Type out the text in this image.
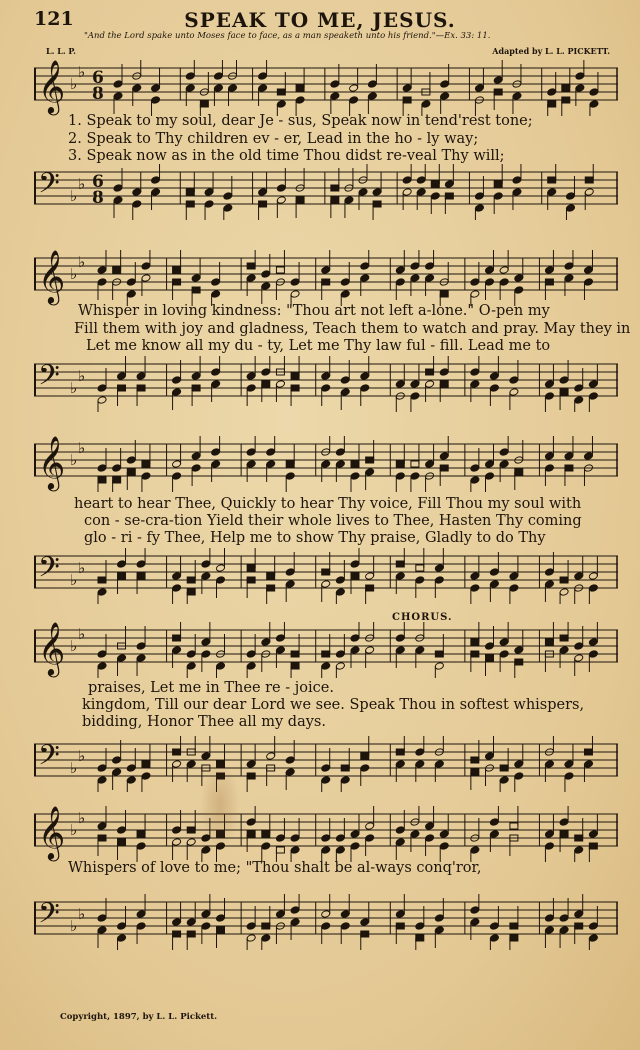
121	SPEAK TO ME, JESUS.
"And the Lord spake unto Moses face to face, as a man speaketh unto his friend."—Ex. 33: 11.
L. L. P.	Adapted by L. L. PICKETT.
𝄞 ♭
♭ 6
8
1. Speak to my soul, dear Je - sus, Speak now in tend'rest tone;
2. Speak to Thy children ev - er, Lead in the ho - ly way;
3. Speak now as in the old time Thou didst re-veal Thy will;
𝄢 ♭
♭ 6
8
𝄞 ♭
♭
Whisper in loving kindness: "Thou art not left a-lone." O-pen my
Fill them with joy and gladness, Teach them to watch and pray. May they in
Let me know all my du - ty, Let me Thy law ful - fill. Lead me to
𝄢 ♭
♭
𝄞 ♭
♭
heart to hear Thee, Quickly to hear Thy voice, Fill Thou my soul with
con - se-cra-tion Yield their whole lives to Thee, Hasten Thy coming
glo - ri - fy Thee, Help me to show Thy praise, Gladly to do Thy
𝄢 ♭
♭
CHORUS.
𝄞 ♭
♭
praises, Let me in Thee re - joice.
kingdom, Till our dear Lord we see. Speak Thou in softest whispers,
bidding, Honor Thee all my days.
𝄢 ♭
♭
𝄞 ♭
♭
Whispers of love to me; "Thou shalt be al-ways conq'ror,
𝄢 ♭
♭
Copyright, 1897, by L. L. Pickett.
